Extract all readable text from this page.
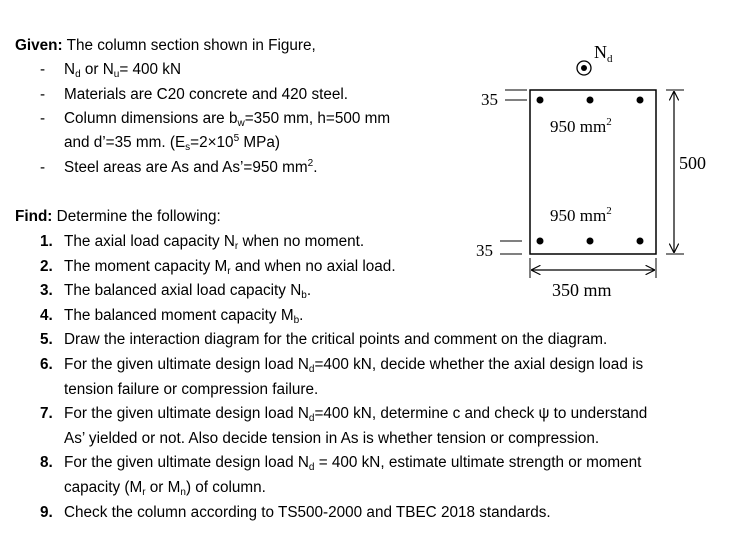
Given: The column section shown in Figure,
- $N_d$ or $N_u= 400$ kN
- Materials are C20 concrete and 420 steel.
- Column dimensions are $b_w=350$ mm, h=500 mm
and d’=35 mm. ($E_s=2\times 10^5$ MPa)
- Steel areas are As and As’=950 $mm^2$.
Find: Determine the following:
1. The axial load capacity $N_r$ when no moment.
2. The moment capacity $M_r$ and when no axial load.
3. The balanced axial load capacity $N_b$.
4. The balanced moment capacity $M_b$.
5. Draw the interaction diagram for the critical points and comment on the diagram.
6. For the given ultimate design load $N_d=400$ kN, decide whether the axial design load is
tension failure or compression failure.
7. For the given ultimate design load $N_d=400$ kN, determine c and check ψ to understand
As’ yielded or not. Also decide tension in As is whether tension or compression.
8. For the given ultimate design load $N_d = 400$ kN, estimate ultimate strength or moment
capacity ($M_r$ or $M_n$) of column.
9. Check the column according to TS500-2000 and TBEC 2018 standards.
$N_d$
950 $mm^2$
950 $mm^2$
35
35
500
350 mm
